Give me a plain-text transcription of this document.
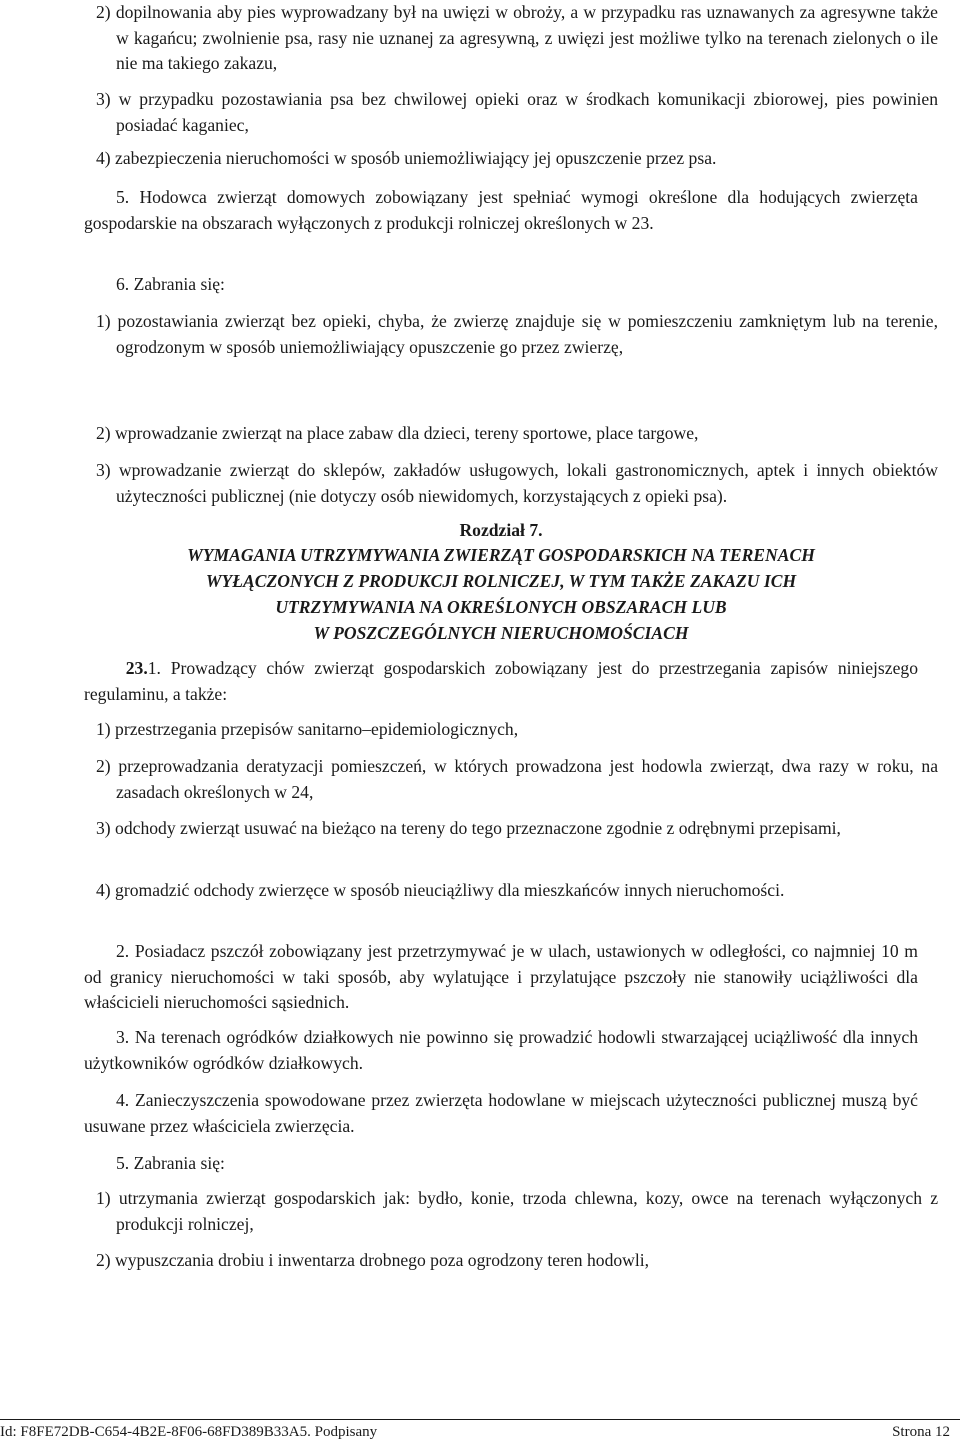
2) dopilnowania aby pies wyprowadzany był na uwięzi w obroży, a w przypadku ras uznawanych za agresywne także w kagańcu; zwolnienie psa, rasy nie uznanej za agresywną, z uwięzi jest możliwe tylko na terenach zielonych o ile nie ma takiego zakazu,

3) w przypadku pozostawiania psa bez chwilowej opieki oraz w środkach komunikacji zbiorowej, pies powinien posiadać kaganiec,

4) zabezpieczenia nieruchomości w sposób uniemożliwiający jej opuszczenie przez psa.

5. Hodowca zwierząt domowych zobowiązany jest spełniać wymogi określone dla hodujących zwierzęta gospodarskie na obszarach wyłączonych z produkcji rolniczej określonych w 23.

6. Zabrania się:

1) pozostawiania zwierząt bez opieki, chyba, że zwierzę znajduje się w pomieszczeniu zamkniętym lub na terenie, ogrodzonym w sposób uniemożliwiający opuszczenie go przez zwierzę,

2) wprowadzanie zwierząt na place zabaw dla dzieci, tereny sportowe, place targowe,

3) wprowadzanie zwierząt do sklepów, zakładów usługowych, lokali gastronomicznych, aptek i innych obiektów użyteczności publicznej (nie dotyczy osób niewidomych, korzystających z opieki psa).

Rozdział 7.

WYMAGANIA UTRZYMYWANIA ZWIERZĄT GOSPODARSKICH NA TERENACH

WYŁĄCZONYCH Z PRODUKCJI ROLNICZEJ, W TYM TAKŻE ZAKAZU ICH

UTRZYMYWANIA NA OKREŚLONYCH OBSZARACH LUB

W POSZCZEGÓLNYCH NIERUCHOMOŚCIACH

23.1. Prowadzący chów zwierząt gospodarskich zobowiązany jest do przestrzegania zapisów niniejszego regulaminu, a także:

1) przestrzegania przepisów sanitarno–epidemiologicznych,

2) przeprowadzania deratyzacji pomieszczeń, w których prowadzona jest hodowla zwierząt, dwa razy w roku, na zasadach określonych w 24,

3) odchody zwierząt usuwać na bieżąco na tereny do tego przeznaczone zgodnie z odrębnymi przepisami,

4) gromadzić odchody zwierzęce w sposób nieuciążliwy dla mieszkańców innych nieruchomości.

2. Posiadacz pszczół zobowiązany jest przetrzymywać je w ulach, ustawionych w odległości, co najmniej 10 m od granicy nieruchomości w taki sposób, aby wylatujące i przylatujące pszczoły nie stanowiły uciążliwości dla właścicieli nieruchomości sąsiednich.

3. Na terenach ogródków działkowych nie powinno się prowadzić hodowli stwarzającej uciążliwość dla innych użytkowników ogródków działkowych.

4. Zanieczyszczenia spowodowane przez zwierzęta hodowlane w miejscach użyteczności publicznej muszą być usuwane przez właściciela zwierzęcia.

5. Zabrania się:

1) utrzymania zwierząt gospodarskich jak: bydło, konie, trzoda chlewna, kozy, owce na terenach wyłączonych z produkcji rolniczej,

2) wypuszczania drobiu i inwentarza drobnego poza ogrodzony teren hodowli,

Id: F8FE72DB-C654-4B2E-8F06-68FD389B33A5. Podpisany	Strona 12
